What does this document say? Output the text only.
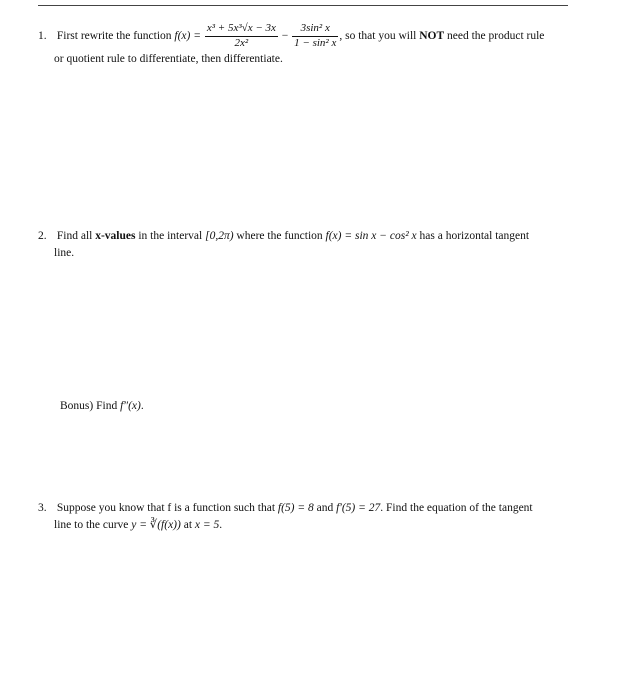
1. First rewrite the function $f(x) = \frac{\text{x³ + 5x³√x − 3x}}{\text{2x²}} - \frac{\text{3sin² x}}{\text{1 − sin² x}}$ , so that you will NOT need the product rule
or quotient rule to differentiate, then differentiate.
2. Find all x-values in the interval [0,2π) where the function f(x) = sin x − cos² x has a horizontal tangent
line.
Bonus) Find f″(x).
3. Suppose you know that f is a function such that f(5) = 8 and f′(5) = 27. Find the equation of the tangent
line to the curve y = ∛(f(x)) at x = 5.
